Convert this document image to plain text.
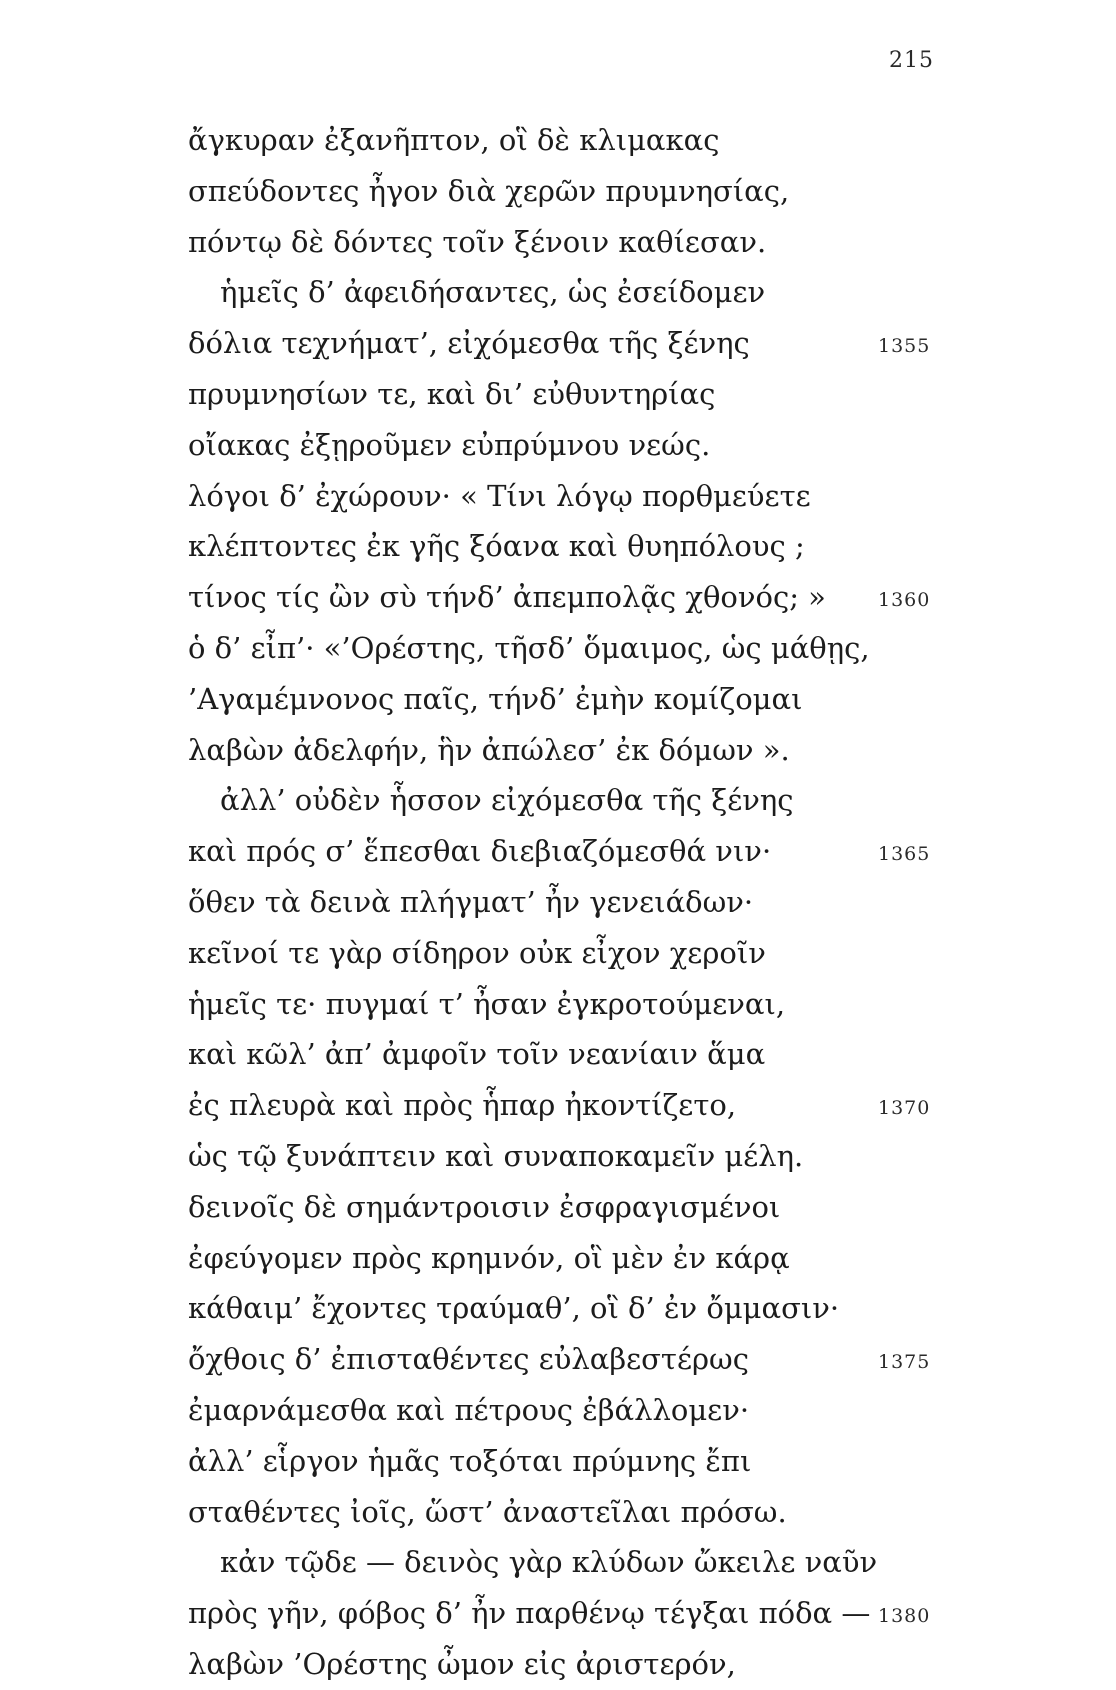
215
ἄγκυραν ἐξανῆπτον, οἳ δὲ κλιμακας
σπεύδοντες ἦγον διὰ χερῶν πρυμνησίας,
πόντῳ δὲ δόντες τοῖν ξένοιν καθίεσαν.
ἡμεῖς δ’ ἀφειδήσαντες, ὡς ἐσείδομεν
δόλια τεχνήματ’, εἰχόμεσθα τῆς ξένης	1355
πρυμνησίων τε, καὶ δι’ εὐθυντηρίας
οἴακας ἐξῃροῦμεν εὐπρύμνου νεώς.
λόγοι δ’ ἐχώρουν· « Τίνι λόγῳ πορθμεύετε
κλέπτοντες ἐκ γῆς ξόανα καὶ θυηπόλους ;
τίνος τίς ὢν σὺ τήνδ’ ἀπεμπολᾷς χθονός; »	1360
ὁ δ’ εἶπ’· «’Ορέστης, τῆσδ’ ὅμαιμος, ὡς μάθῃς,
’Αγαμέμνονος παῖς, τήνδ’ ἐμὴν κομίζομαι
λαβὼν ἀδελφήν, ἣν ἀπώλεσ’ ἐκ δόμων ».
ἀλλ’ οὐδὲν ἧσσον εἰχόμεσθα τῆς ξένης
καὶ πρός σ’ ἕπεσθαι διεβιαζόμεσθά νιν·	1365
ὅθεν τὰ δεινὰ πλήγματ’ ἦν γενειάδων·
κεῖνοί τε γὰρ σίδηρον οὐκ εἶχον χεροῖν
ἡμεῖς τε· πυγμαί τ’ ἦσαν ἐγκροτούμεναι,
καὶ κῶλ’ ἀπ’ ἀμφοῖν τοῖν νεανίαιν ἅμα
ἐς πλευρὰ καὶ πρὸς ἧπαρ ἠκοντίζετο,	1370
ὡς τῷ ξυνάπτειν καὶ συναποκαμεῖν μέλη.
δεινοῖς δὲ σημάντροισιν ἐσφραγισμένοι
ἐφεύγομεν πρὸς κρημνόν, οἳ μὲν ἐν κάρᾳ
κάθαιμ’ ἔχοντες τραύμαθ’, οἳ δ’ ἐν ὄμμασιν·
ὄχθοις δ’ ἐπισταθέντες εὐλαβεστέρως	1375
ἐμαρνάμεσθα καὶ πέτρους ἐβάλλομεν·
ἀλλ’ εἷργον ἡμᾶς τοξόται πρύμνης ἔπι
σταθέντες ἰοῖς, ὥστ’ ἀναστεῖλαι πρόσω.
κἀν τῷδε — δεινὸς γὰρ κλύδων ὤκειλε ναῦν
πρὸς γῆν, φόβος δ’ ἦν παρθένῳ τέγξαι πόδα — 1380
λαβὼν ’Ορέστης ὦμον εἰς ἀριστερόν,
